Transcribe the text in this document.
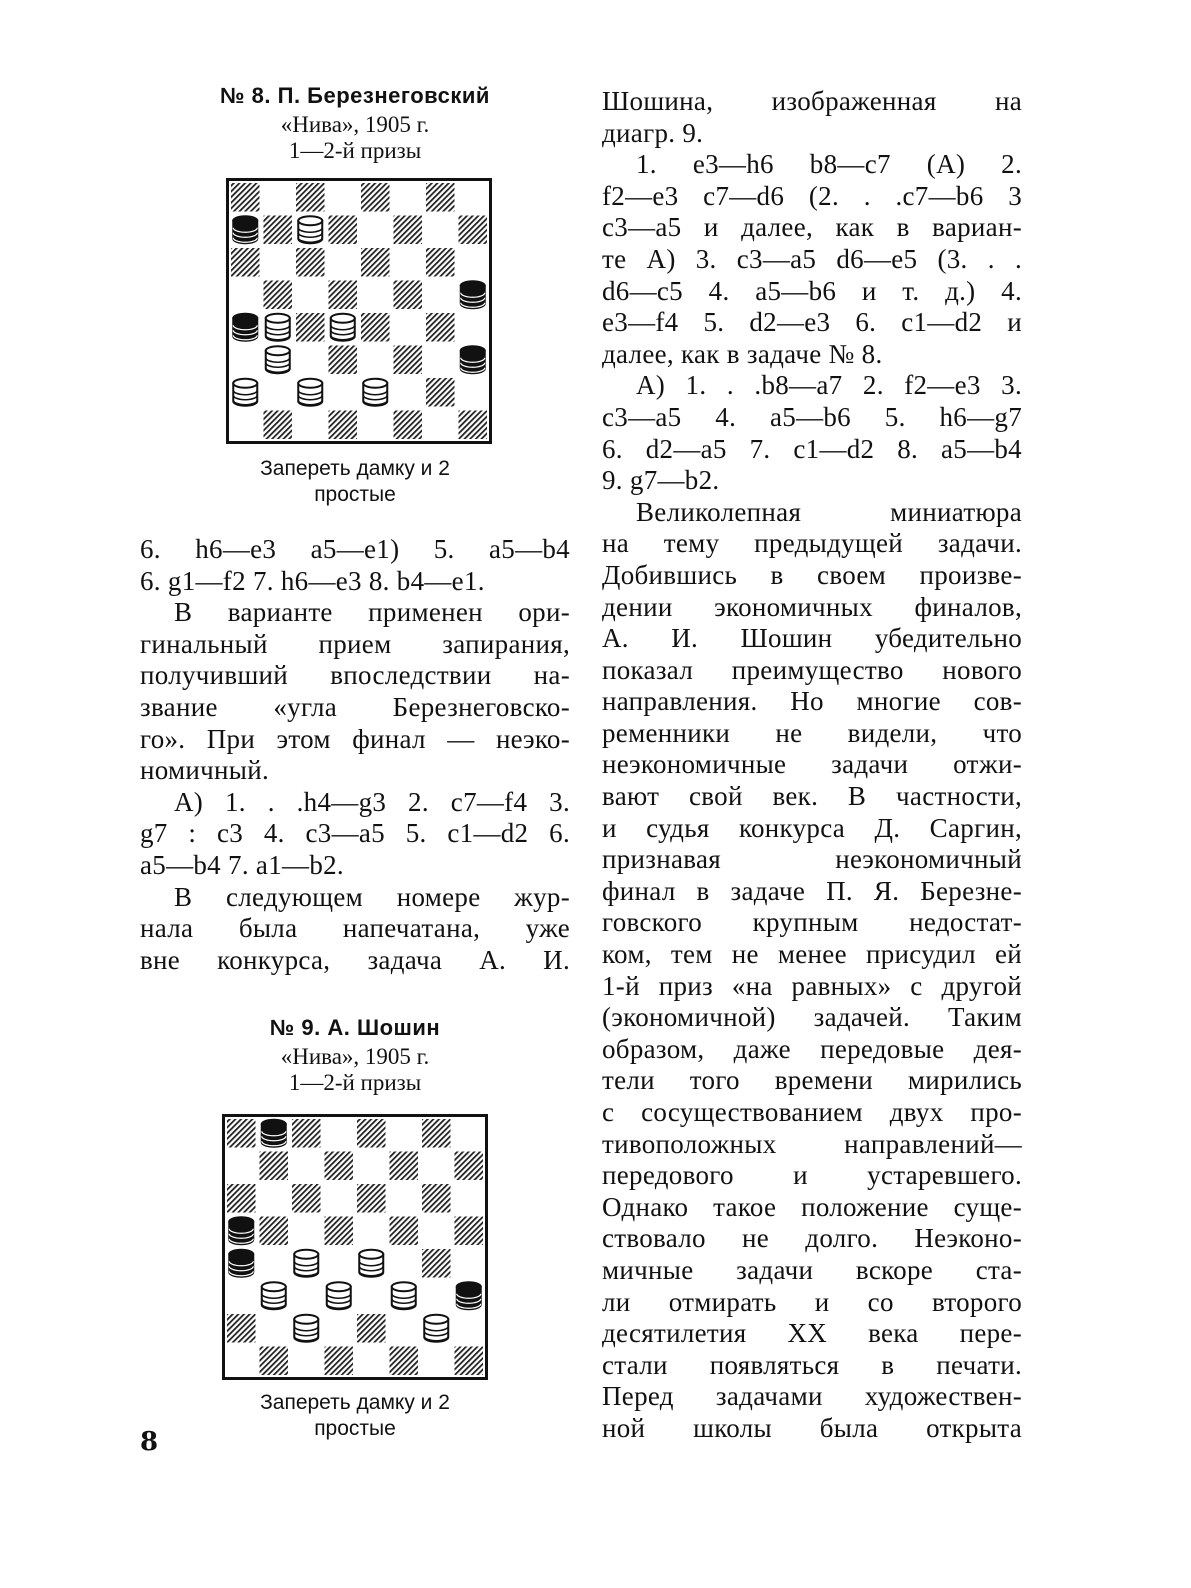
№ 8. П. Березнеговский
«Нива», 1905 г.
1—2-й призы
Запереть дамку и 2
простые

6. h6—e3 a5—e1) 5. a5—b4

6. g1—f2 7. h6—e3 8. b4—e1.

В варианте применен ори-

гинальный прием запирания,

получивший впоследствии на-

звание «угла Березнеговско-

го». При этом финал — неэко-

номичный.

А) 1. . .h4—g3 2. c7—f4 3.

g7 : c3 4. c3—a5 5. c1—d2 6.

a5—b4 7. a1—b2.

В следующем номере жур-

нала была напечатана, уже

вне конкурса, задача А. И.

№ 9. А. Шошин
«Нива», 1905 г.
1—2-й призы
Запереть дамку и 2
простые

Шошина, изображенная на

диагр. 9.

1. e3—h6 b8—c7 (A) 2.

f2—e3 c7—d6 (2. . .c7—b6 3

c3—a5 и далее, как в вариан-

те А) 3. c3—a5 d6—e5 (3. . .

d6—c5 4. a5—b6 и т. д.) 4.

e3—f4 5. d2—e3 6. c1—d2 и

далее, как в задаче № 8.

А) 1. . .b8—a7 2. f2—e3 3.

c3—a5 4. a5—b6 5. h6—g7

6. d2—a5 7. c1—d2 8. a5—b4

9. g7—b2.

Великолепная миниатюра

на тему предыдущей задачи.

Добившись в своем произве-

дении экономичных финалов,

А. И. Шошин убедительно

показал преимущество нового

направления. Но многие сов-

ременники не видели, что

неэкономичные задачи отжи-

вают свой век. В частности,

и судья конкурса Д. Саргин,

признавая неэкономичный

финал в задаче П. Я. Березне-

говского крупным недостат-

ком, тем не менее присудил ей

1-й приз «на равных» с другой

(экономичной) задачей. Таким

образом, даже передовые дея-

тели того времени мирились

с сосуществованием двух про-

тивоположных направлений—

передового и устаревшего.

Однако такое положение суще-

ствовало не долго. Неэконо-

мичные задачи вскоре ста-

ли отмирать и со второго

десятилетия XX века пере-

стали появляться в печати.

Перед задачами художествен-

ной школы была открыта

8
